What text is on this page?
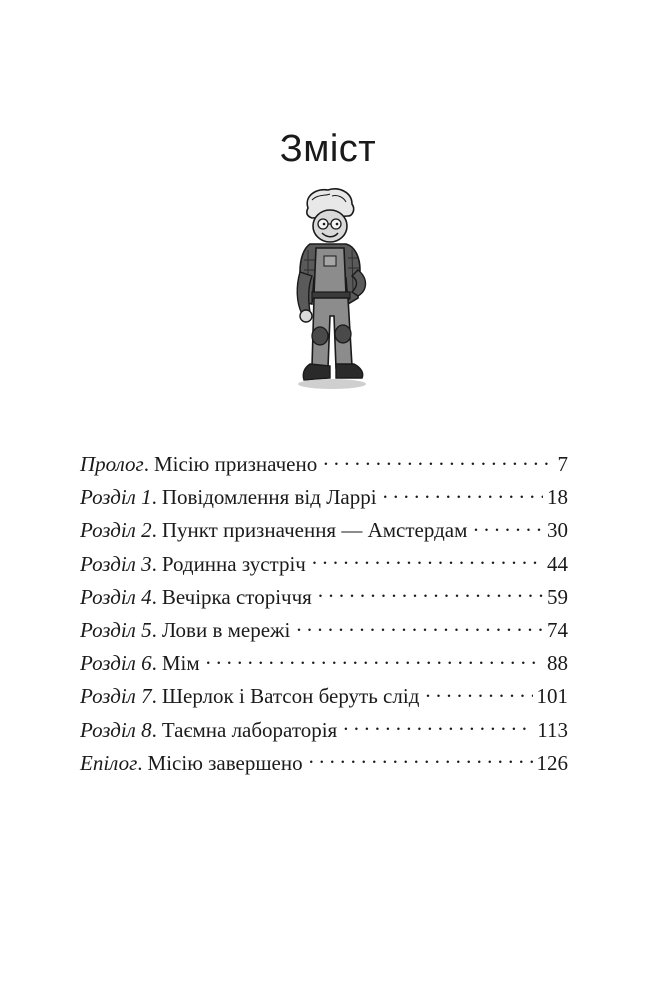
Зміст
Пролог . Місію призначено . . .	7
Розділ 1 . Повідомлення від Ларрі . . .	18
Розділ 2 . Пункт призначення — Амстердам . . .	30
Розділ 3 . Родинна зустріч . . .	44
Розділ 4 . Вечірка сторіччя . . .	59
Розділ 5 . Лови в мережі . . .	74
Розділ 6 . Мім . . .	88
Розділ 7 . Шерлок і Ватсон беруть слід . . .	101
Розділ 8 . Таємна лабораторія . . .	113
Епілог . Місію завершено . . .	126
